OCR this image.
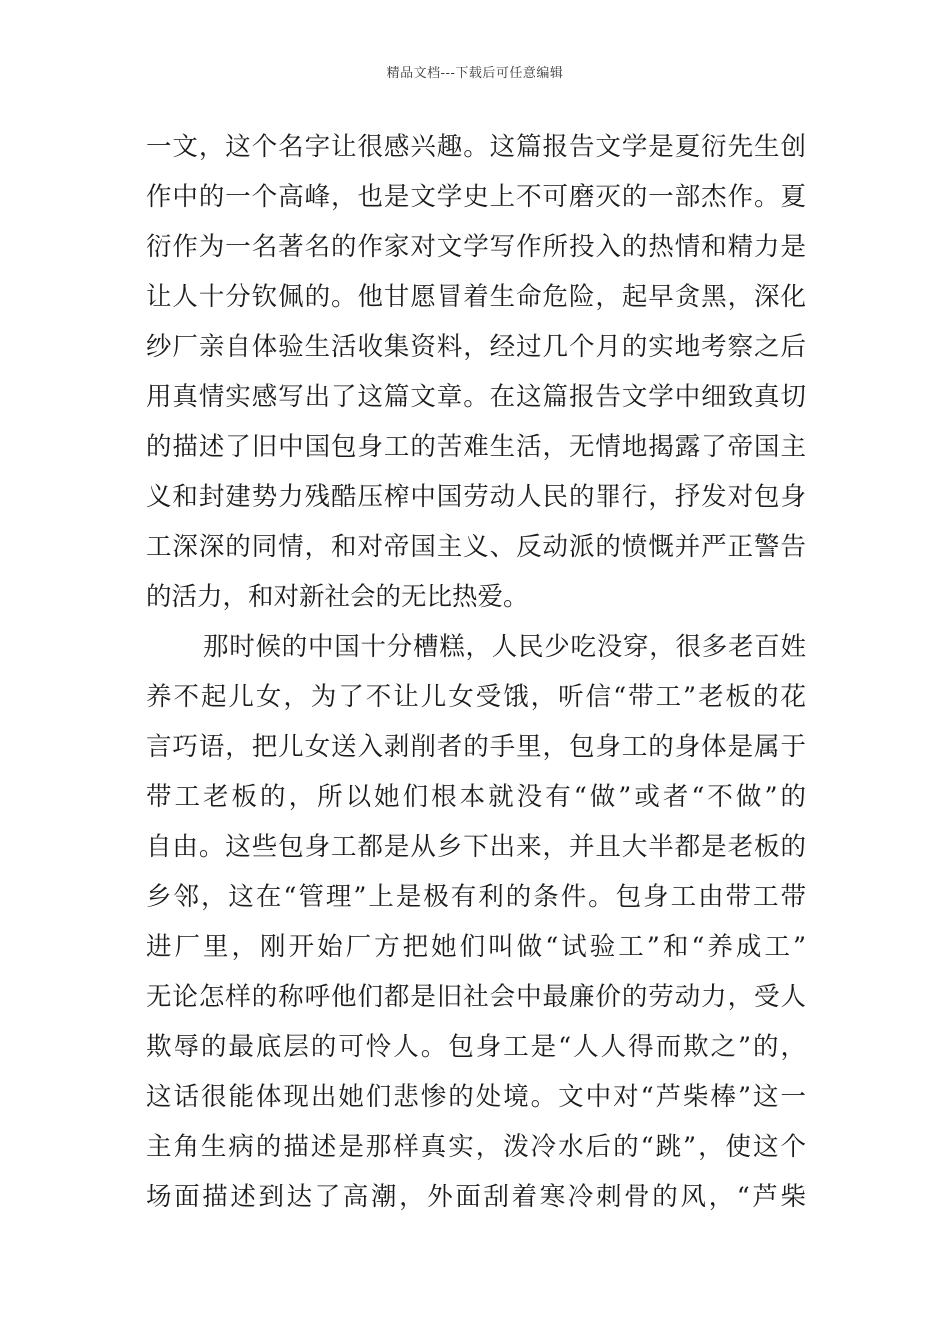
精品文档---下载后可任意编辑
一文，这个名字让很感兴趣。这篇报告文学是夏衍先生创
作中的一个高峰，也是文学史上不可磨灭的一部杰作。夏
衍作为一名著名的作家对文学写作所投入的热情和精力是
让人十分钦佩的。他甘愿冒着生命危险，起早贪黑，深化
纱厂亲自体验生活收集资料，经过几个月的实地考察之后
用真情实感写出了这篇文章。在这篇报告文学中细致真切
的描述了旧中国包身工的苦难生活，无情地揭露了帝国主
义和封建势力残酷压榨中国劳动人民的罪行，抒发对包身
工深深的同情，和对帝国主义、反动派的愤慨并严正警告
的活力，和对新社会的无比热爱。
那时候的中国十分槽糕，人民少吃没穿，很多老百姓
养不起儿女，为了不让儿女受饿，听信“带工”老板的花
言巧语，把儿女送入剥削者的手里，包身工的身体是属于
带工老板的，所以她们根本就没有“做”或者“不做”的
自由。这些包身工都是从乡下出来，并且大半都是老板的
乡邻，这在“管理”上是极有利的条件。包身工由带工带
进厂里，刚开始厂方把她们叫做“试验工”和“养成工”
无论怎样的称呼他们都是旧社会中最廉价的劳动力，受人
欺辱的最底层的可怜人。包身工是“人人得而欺之”的，
这话很能体现出她们悲惨的处境。文中对“芦柴棒”这一
主角生病的描述是那样真实，泼冷水后的“跳”，使这个
场面描述到达了高潮，外面刮着寒冷刺骨的风，“芦柴
